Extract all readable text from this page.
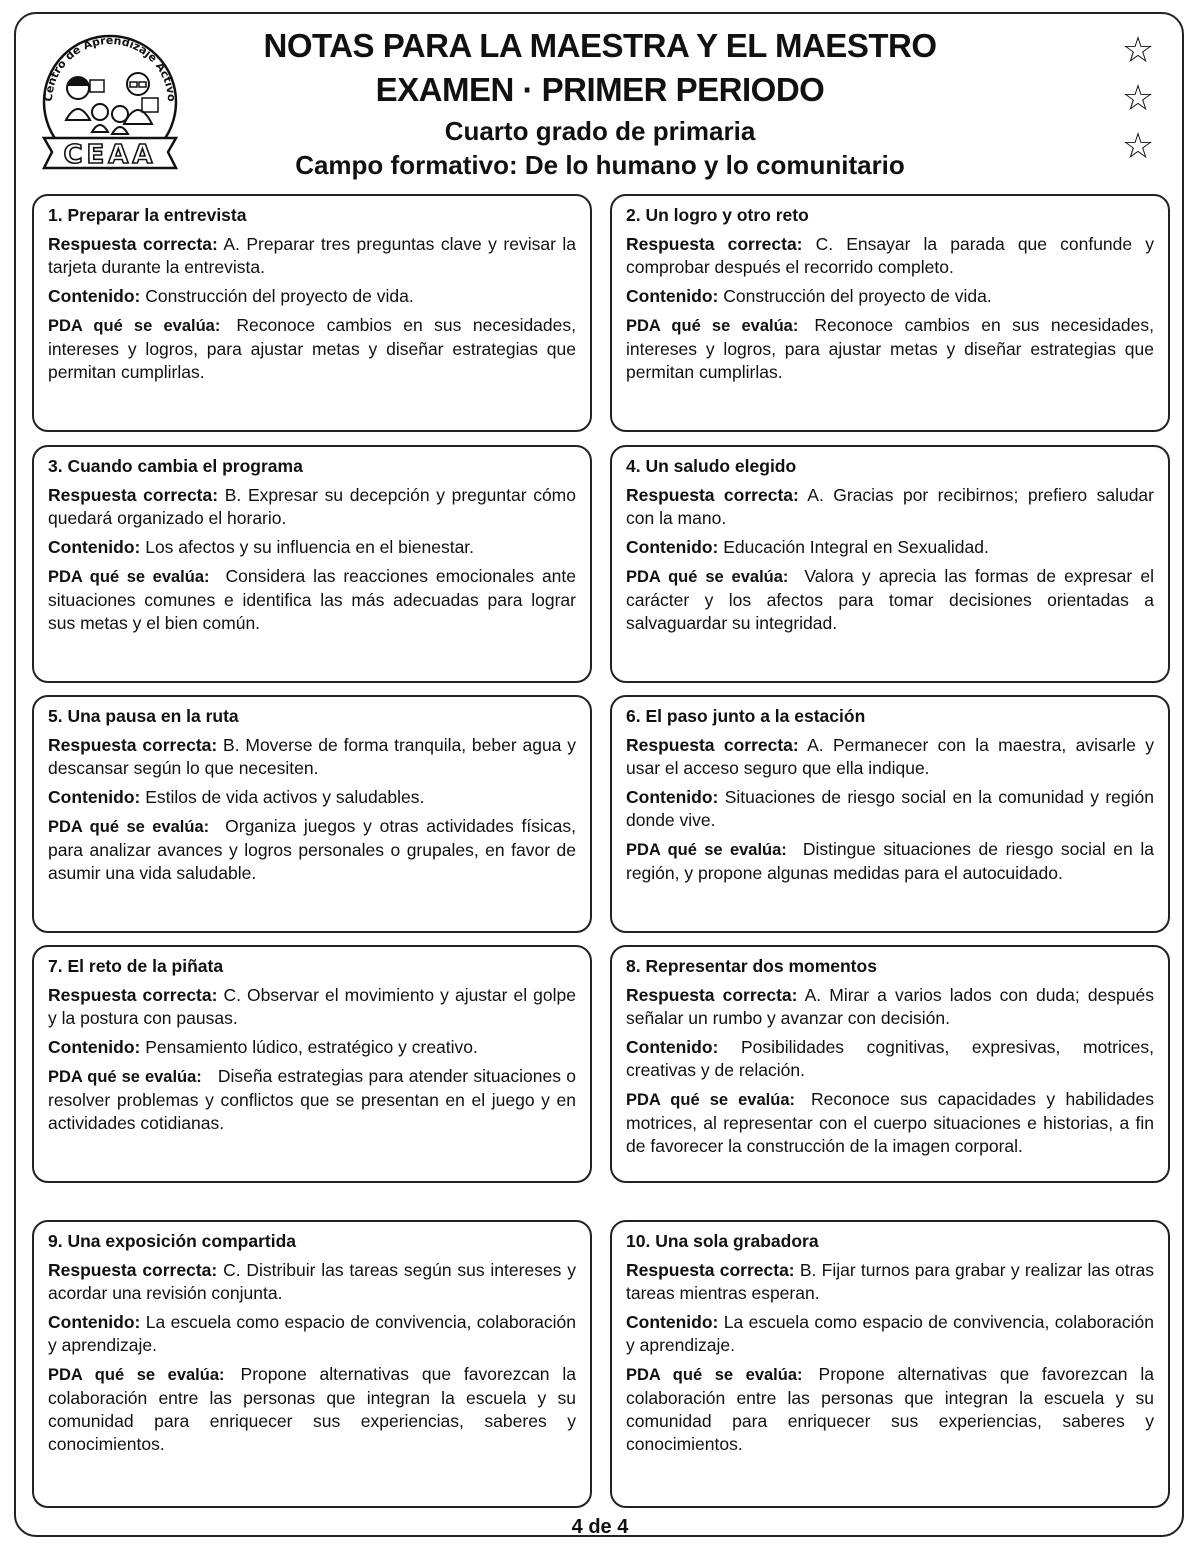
Centro de Aprendizaje Activo
CEAA

NOTAS PARA LA MAESTRA Y EL MAESTRO

EXAMEN · PRIMER PERIODO

Cuarto grado de primaria

Campo formativo: De lo humano y lo comunitario

☆
☆
☆

1. Preparar la entrevista

Respuesta correcta: A. Preparar tres preguntas clave y revisar la tarjeta durante la entrevista.

Contenido: Construcción del proyecto de vida.

PDA qué se evalúa: Reconoce cambios en sus necesidades, intereses y logros, para ajustar metas y diseñar estrategias que permitan cumplirlas.

2. Un logro y otro reto

Respuesta correcta: C. Ensayar la parada que confunde y comprobar después el recorrido completo.

Contenido: Construcción del proyecto de vida.

PDA qué se evalúa: Reconoce cambios en sus necesidades, intereses y logros, para ajustar metas y diseñar estrategias que permitan cumplirlas.

3. Cuando cambia el programa

Respuesta correcta: B. Expresar su decepción y preguntar cómo quedará organizado el horario.

Contenido: Los afectos y su influencia en el bienestar.

PDA qué se evalúa: Considera las reacciones emocionales ante situaciones comunes e identifica las más adecuadas para lograr sus metas y el bien común.

4. Un saludo elegido

Respuesta correcta: A. Gracias por recibirnos; prefiero saludar con la mano.

Contenido: Educación Integral en Sexualidad.

PDA qué se evalúa: Valora y aprecia las formas de expresar el carácter y los afectos para tomar decisiones orientadas a salvaguardar su integridad.

5. Una pausa en la ruta

Respuesta correcta: B. Moverse de forma tranquila, beber agua y descansar según lo que necesiten.

Contenido: Estilos de vida activos y saludables.

PDA qué se evalúa: Organiza juegos y otras actividades físicas, para analizar avances y logros personales o grupales, en favor de asumir una vida saludable.

6. El paso junto a la estación

Respuesta correcta: A. Permanecer con la maestra, avisarle y usar el acceso seguro que ella indique.

Contenido: Situaciones de riesgo social en la comunidad y región donde vive.

PDA qué se evalúa: Distingue situaciones de riesgo social en la región, y propone algunas medidas para el autocuidado.

7. El reto de la piñata

Respuesta correcta: C. Observar el movimiento y ajustar el golpe y la postura con pausas.

Contenido: Pensamiento lúdico, estratégico y creativo.

PDA qué se evalúa: Diseña estrategias para atender situaciones o resolver problemas y conflictos que se presentan en el juego y en actividades cotidianas.

8. Representar dos momentos

Respuesta correcta: A. Mirar a varios lados con duda; después señalar un rumbo y avanzar con decisión.

Contenido: Posibilidades cognitivas, expresivas, motrices, creativas y de relación.

PDA qué se evalúa: Reconoce sus capacidades y habilidades motrices, al representar con el cuerpo situaciones e historias, a fin de favorecer la construcción de la imagen corporal.

9. Una exposición compartida

Respuesta correcta: C. Distribuir las tareas según sus intereses y acordar una revisión conjunta.

Contenido: La escuela como espacio de convivencia, colaboración y aprendizaje.

PDA qué se evalúa: Propone alternativas que favorezcan la colaboración entre las personas que integran la escuela y su comunidad para enriquecer sus experiencias, saberes y conocimientos.

10. Una sola grabadora

Respuesta correcta: B. Fijar turnos para grabar y realizar las otras tareas mientras esperan.

Contenido: La escuela como espacio de convivencia, colaboración y aprendizaje.

PDA qué se evalúa: Propone alternativas que favorezcan la colaboración entre las personas que integran la escuela y su comunidad para enriquecer sus experiencias, saberes y conocimientos.

4 de 4
